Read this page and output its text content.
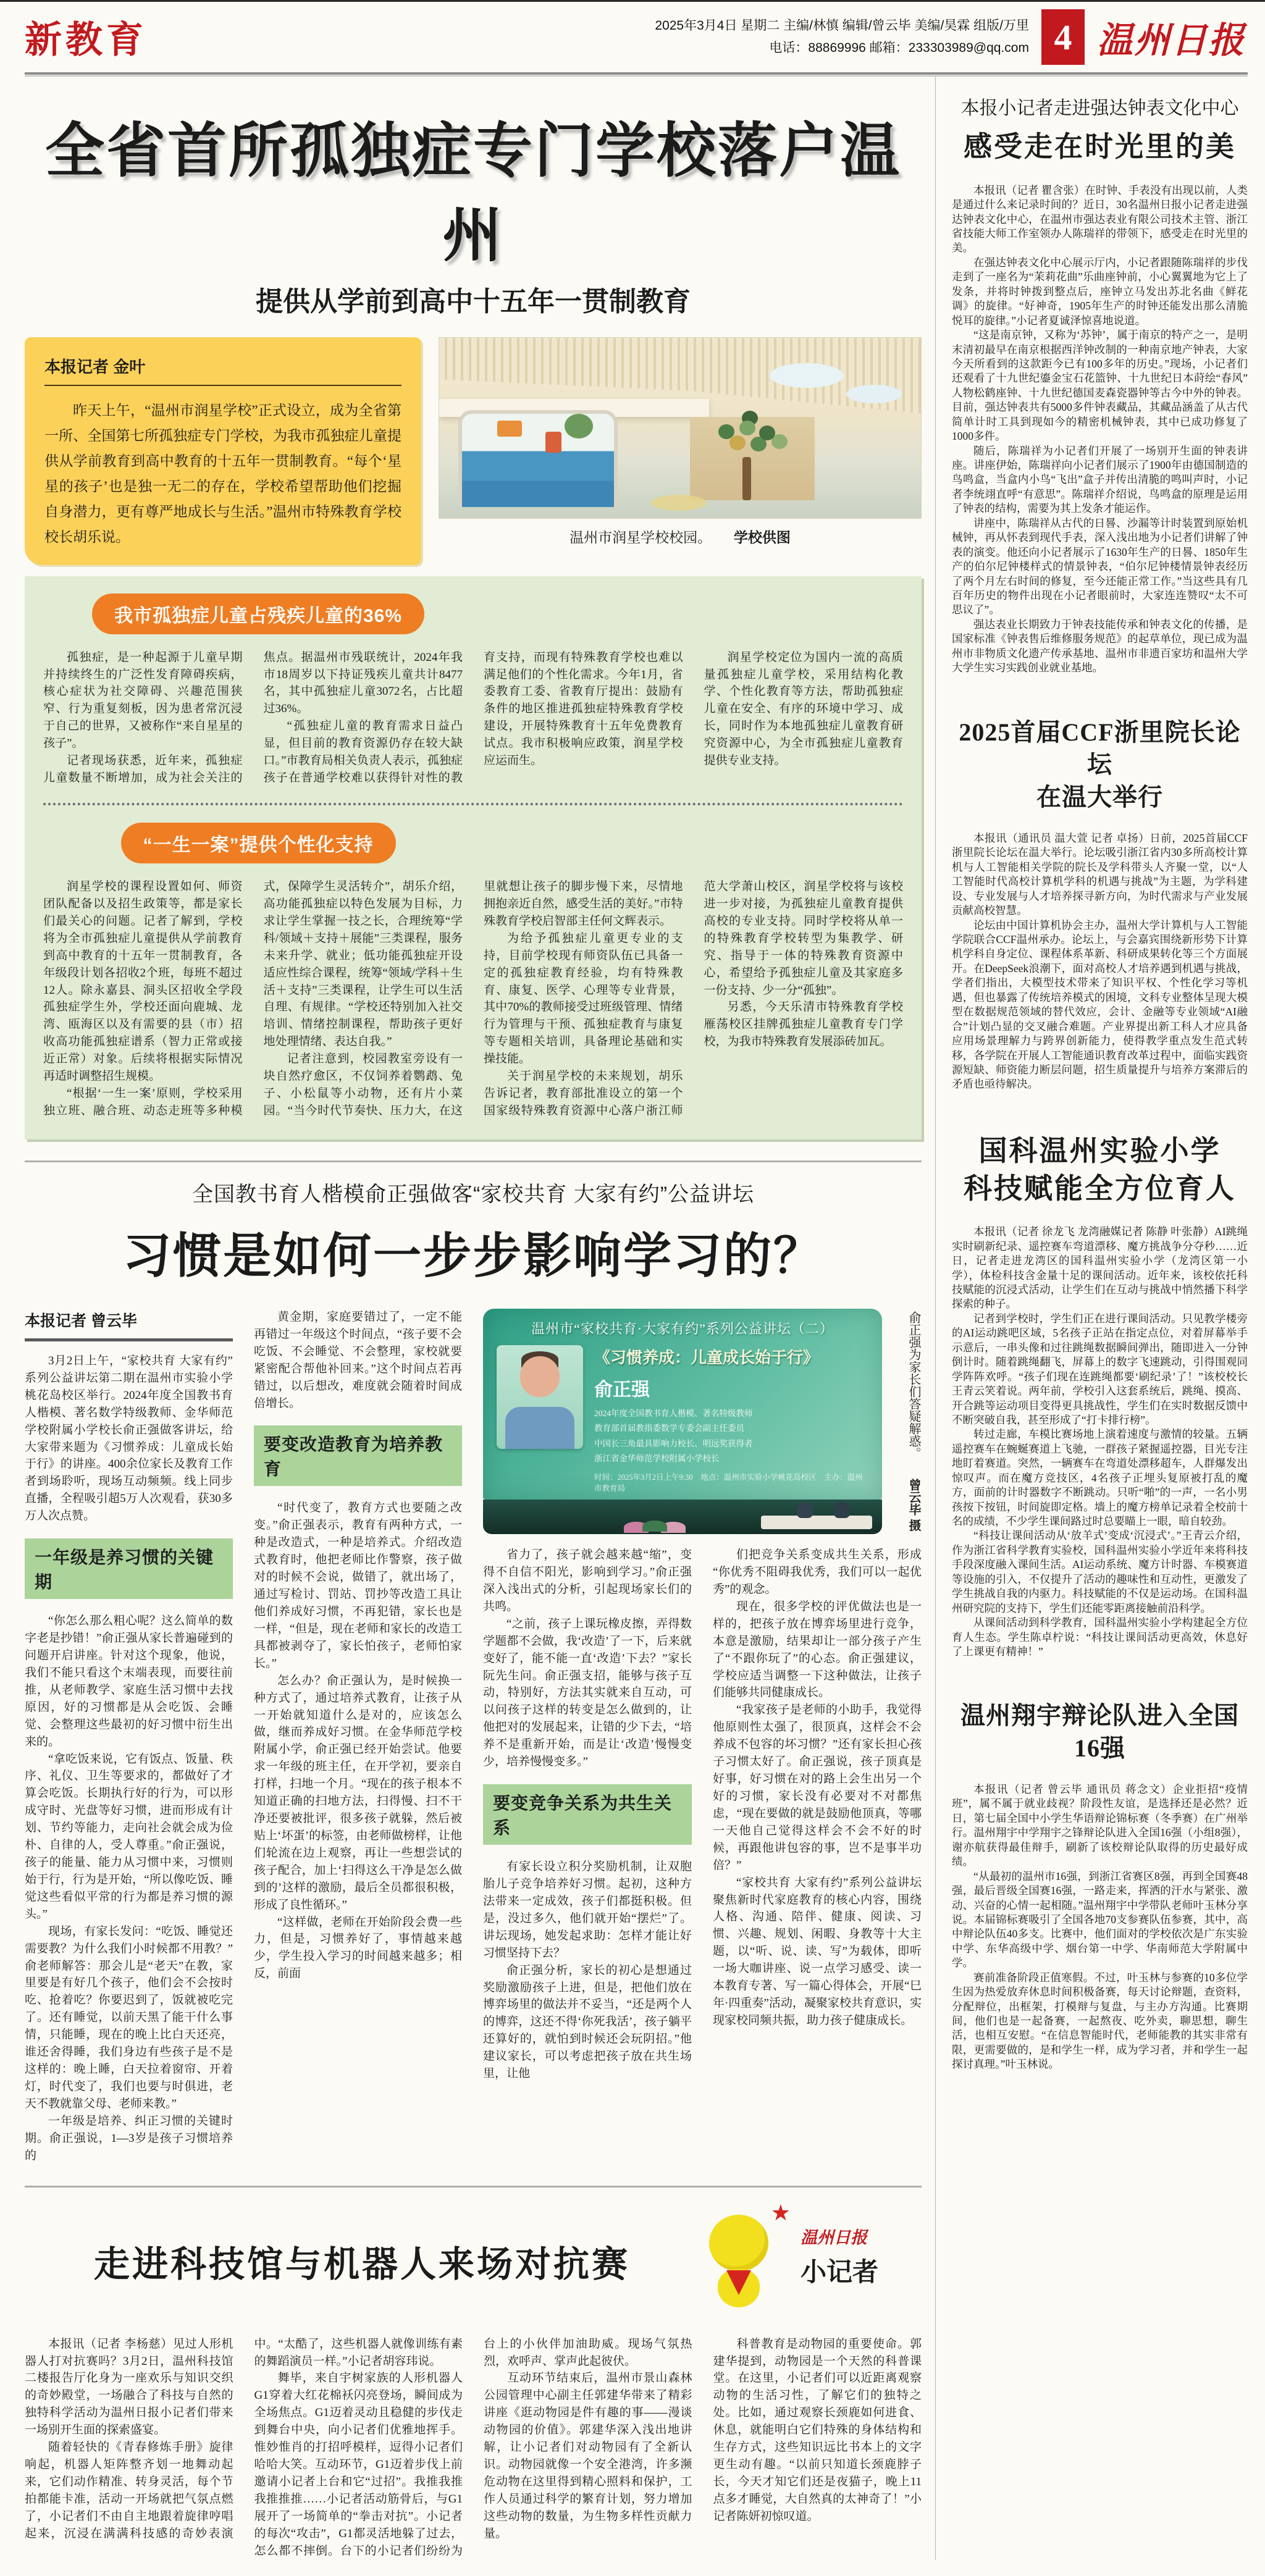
新教育	2025年3月4日 星期二 主编/林慎 编辑/曾云毕 美编/昊霖 组版/万里
电话：88869996 邮箱：233303989@qq.com 4 温州日报
全省首所孤独症专门学校落户温州
提供从学前到高中十五年一贯制教育
本报记者 金叶

昨天上午，“温州市润星学校”正式设立，成为全省第一所、全国第七所孤独症专门学校，为我市孤独症儿童提供从学前教育到高中教育的十五年一贯制教育。“每个‘星星的孩子’也是独一无二的存在，学校希望帮助他们挖掘自身潜力，更有尊严地成长与生活。”温州市特殊教育学校校长胡乐说。	温州市润星学校校园。 学校供图
我市孤独症儿童占残疾儿童的36%

孤独症，是一种起源于儿童早期并持续终生的广泛性发育障碍疾病，核心症状为社交障碍、兴趣范围狭窄、行为重复刻板，因为患者常沉浸于自己的世界，又被称作“来自星星的孩子”。

记者现场获悉，近年来，孤独症儿童数量不断增加，成为社会关注的焦点。据温州市残联统计，2024年我市18周岁以下持证残疾儿童共计8477名，其中孤独症儿童3072名，占比超过36%。

“孤独症儿童的教育需求日益凸显，但目前的教育资源仍存在较大缺口。”市教育局相关负责人表示，孤独症孩子在普通学校难以获得针对性的教育支持，而现有特殊教育学校也难以满足他们的个性化需求。今年1月，省委教育工委、省教育厅提出：鼓励有条件的地区推进孤独症特殊教育学校建设，开展特殊教育十五年免费教育试点。我市积极响应政策，润星学校应运而生。

润星学校定位为国内一流的高质量孤独症儿童学校，采用结构化教学、个性化教育等方法，帮助孤独症儿童在安全、有序的环境中学习、成长，同时作为本地孤独症儿童教育研究资源中心，为全市孤独症儿童教育提供专业支持。

“一生一案”提供个性化支持

润星学校的课程设置如何、师资团队配备以及招生政策等，都是家长们最关心的问题。记者了解到，学校将为全市孤独症儿童提供从学前教育到高中教育的十五年一贯制教育，各年级段计划各招收2个班，每班不超过12人。除永嘉县、洞头区招收全学段孤独症学生外，学校还面向鹿城、龙湾、瓯海区以及有需要的县（市）招收高功能孤独症谱系（智力正常或接近正常）对象。后续将根据实际情况再适时调整招生规模。

“根据‘一生一案’原则，学校采用独立班、融合班、动态走班等多种模式，保障学生灵活转介”，胡乐介绍，高功能孤独症以特色发展为目标，力求让学生掌握一技之长，合理统筹“学科/领域＋支持＋展能”三类课程，服务未来升学、就业；低功能孤独症开设适应性综合课程，统筹“领域/学科＋生活＋支持”三类课程，让学生可以生活自理、有规律。“学校还特别加入社交培训、情绪控制课程，帮助孩子更好地处理情绪、表达自我。”

记者注意到，校园教室旁设有一块自然疗愈区，不仅饲养着鹦鹉、兔子、小松鼠等小动物，还有片小菜园。“当今时代节奏快、压力大，在这里就想让孩子的脚步慢下来，尽情地拥抱亲近自然，感受生活的美好。”市特殊教育学校启智部主任何文辉表示。

为给予孤独症儿童更专业的支持，目前学校现有师资队伍已具备一定的孤独症教育经验，均有特殊教育、康复、医学、心理等专业背景，其中70%的教师接受过班级管理、情绪行为管理与干预、孤独症教育与康复等专题相关培训，具备理论基础和实操技能。

关于润星学校的未来规划，胡乐告诉记者，教育部批准设立的第一个国家级特殊教育资源中心落户浙江师范大学萧山校区，润星学校将与该校进一步对接，为孤独症儿童教育提供高校的专业支持。同时学校将从单一的特殊教育学校转型为集教学、研究、指导于一体的特殊教育资源中心，希望给予孤独症儿童及其家庭多一份支持、少一分“孤独”。

另悉，今天乐清市特殊教育学校雁荡校区挂牌孤独症儿童教育专门学校，为我市特殊教育发展添砖加瓦。

全国教书育人楷模俞正强做客“家校共育 大家有约”公益讲坛
习惯是如何一步步影响学习的？
本报记者 曾云毕

3月2日上午，“家校共育 大家有约”系列公益讲坛第二期在温州市实验小学桃花岛校区举行。2024年度全国教书育人楷模、著名数学特级教师、金华师范学校附属小学校长俞正强做客讲坛，给大家带来题为《习惯养成：儿童成长始于行》的讲座。400余位家长及教育工作者到场聆听，现场互动频频。线上同步直播，全程吸引超5万人次观看，获30多万人次点赞。

一年级是养习惯的关键期

“你怎么那么粗心呢？这么简单的数字老是抄错！”俞正强从家长普遍碰到的问题开启讲座。针对这个现象，他说，我们不能只看这个末端表现，而要往前推，从老师教学、家庭生活习惯中去找原因，好的习惯都是从会吃饭、会睡觉、会整理这些最初的好习惯中衍生出来的。

“拿吃饭来说，它有饭点、饭量、秩序、礼仪、卫生等要求的，都做好了才算会吃饭。长期执行好的行为，可以形成守时、光盘等好习惯，进而形成有计划、节约等能力，走向社会就会成为俭朴、自律的人，受人尊重。”俞正强说，孩子的能量、能力从习惯中来，习惯则始于行，行为是开始，“所以像吃饭、睡觉这些看似平常的行为都是养习惯的源头。”

现场，有家长发问：“吃饭、睡觉还需要教？为什么我们小时候都不用教？”俞老师解答：那会儿是“老天”在教，家里要是有好几个孩子，他们会不会按时吃、抢着吃？你要迟到了，饭就被吃完了。还有睡觉，以前天黑了能干什么事情，只能睡，现在的晚上比白天还亮，谁还舍得睡，我们身边有些孩子是不是这样的：晚上睡，白天拉着窗帘、开着灯，时代变了，我们也要与时俱进，老天不教就靠父母、老师来教。”

一年级是培养、纠正习惯的关键时期。俞正强说，1—3岁是孩子习惯培养的

黄金期，家庭要错过了，一定不能再错过一年级这个时间点，“孩子要不会吃饭、不会睡觉、不会整理，家校就要紧密配合帮他补回来。”这个时间点若再错过，以后想改，难度就会随着时间成倍增长。

要变改造教育为培养教育

“时代变了，教育方式也要随之改变。”俞正强表示，教育有两种方式，一种是改造式，一种是培养式。介绍改造式教育时，他把老师比作警察，孩子做对的时候不会说，做错了，就出场了，通过写检讨、罚站、罚抄等改造工具让他们养成好习惯，不再犯错，家长也是一样，“但是，现在老师和家长的改造工具都被剥夺了，家长怕孩子，老师怕家长。”

怎么办？俞正强认为，是时候换一种方式了，通过培养式教育，让孩子从一开始就知道什么是对的，应该怎么做，继而养成好习惯。在金华师范学校附属小学，俞正强已经开始尝试。他要求一年级的班主任，在开学初，要亲自打样，扫地一个月。“现在的孩子根本不知道正确的扫地方法，扫得慢、扫不干净还要被批评，很多孩子就躲，然后被贴上‘坏蛋’的标签，由老师做榜样，让他们轮流在边上观察，再让一些想尝试的孩子配合，加上‘扫得这么干净是怎么做到的’这样的激励，最后全员都很积极，形成了良性循环。”

“这样做，老师在开始阶段会费一些力，但是，习惯养好了，事情越来越少，学生投入学习的时间越来越多；相反，前面

温州市“家校共育·大家有约”系列公益讲坛（二）
《习惯养成：儿童成长始于行》
俞正强
2024年度全国教书育人楷模、著名特级教师
教育部首届教指委数学专委会副主任委员
中国长三角最具影响力校长、明远奖获得者
浙江省金华师范学校附属小学校长
时间：2025年3月2日上午9:30　地点：温州市实验小学桃花岛校区　主办：温州市教育局
俞正强为家长们答疑解惑。 曾云毕 摄

省力了，孩子就会越来越“缩”，变得不自信不阳光，影响到学习。”俞正强深入浅出式的分析，引起现场家长们的共鸣。

“之前，孩子上课玩橡皮擦，弄得数学题都不会做，我‘改造’了一下，后来就变好了，能不能一直‘改造’下去？”家长阮先生问。俞正强支招，能够与孩子互动，特别好，方法其实就来自互动，可以问孩子这样的转变是怎么做到的，让他把对的发展起来，让错的少下去，“培养不是重新开始，而是让‘改造’慢慢变少，培养慢慢变多。”

要变竞争关系为共生关系

有家长设立积分奖励机制，让双胞胎儿子竞争培养好习惯。起初，这种方法带来一定成效，孩子们都挺积极。但是，没过多久，他们就开始“摆烂”了。讲坛现场，她发起求助：怎样才能让好习惯坚持下去？

俞正强分析，家长的初心是想通过奖励激励孩子上进，但是，把他们放在博弈场里的做法并不妥当，“还是两个人的博弈，这还不得‘你死我活’，孩子躺平还算好的，就怕到时候还会玩阴招。”他建议家长，可以考虑把孩子放在共生场里，让他

们把竞争关系变成共生关系，形成“你优秀不阻碍我优秀，我们可以一起优秀”的观念。

现在，很多学校的评优做法也是一样的，把孩子放在博弈场里进行竞争，本意是激励，结果却让一部分孩子产生了“不跟你玩了”的心态。俞正强建议，学校应适当调整一下这种做法，让孩子们能够共同健康成长。

“我家孩子是老师的小助手，我觉得他原则性太强了，很顶真，这样会不会养成不包容的坏习惯？”还有家长担心孩子习惯太好了。俞正强说，孩子顶真是好事，好习惯在对的路上会生出另一个好的习惯，家长没有必要对不对都焦虑，“现在要做的就是鼓励他顶真，等哪一天他自己觉得这样会不会不好的时候，再跟他讲包容的事，岂不是事半功倍？”

“家校共育 大家有约”系列公益讲坛聚焦新时代家庭教育的核心内容，围绕人格、沟通、陪伴、健康、阅读、习惯、兴趣、规划、闲暇、身教等十大主题，以“听、说、读、写”为载体，即听一场大咖讲座、说一点学习感受、读一本教育专著、写一篇心得体会，开展“巳年·四重奏”活动，凝聚家校共育意识，实现家校同频共振，助力孩子健康成长。

走进科技馆与机器人来场对抗赛
★
温州日报
小记者

本报讯（记者 李杨慈）见过人形机器人打对抗赛吗？3月2日，温州科技馆二楼报告厅化身为一座欢乐与知识交织的奇妙殿堂，一场融合了科技与自然的独特科学活动为温州日报小记者们带来一场别开生面的探索盛宴。

随着轻快的《青春修炼手册》旋律响起，机器人矩阵整齐划一地舞动起来，它们动作精准、转身灵活，每个节拍都能卡准，活动一开场就把气氛点燃了，小记者们不由自主地跟着旋律哼唱起来，沉浸在满满科技感的奇妙表演中。“太酷了，这些机器人就像训练有素的舞蹈演员一样。”小记者胡容玮说。

舞毕，来自宇树家族的人形机器人G1穿着大红花棉袄闪亮登场，瞬间成为全场焦点。G1迈着灵动且稳健的步伐走到舞台中央，向小记者们优雅地挥手。惟妙惟肖的打招呼模样，逗得小记者们哈哈大笑。互动环节，G1迈着步伐上前邀请小记者上台和它“过招”。我推我推我推推推……小记者活动筋骨后，与G1展开了一场简单的“拳击对抗”。小记者的每次“攻击”，G1都灵活地躲了过去，怎么都不摔倒。台下的小记者们纷纷为台上的小伙伴加油助威。现场气氛热烈，欢呼声、掌声此起彼伏。

互动环节结束后，温州市景山森林公园管理中心副主任郭建华带来了精彩讲座《逛动物园是件有趣的事——漫谈动物园的价值》。郭建华深入浅出地讲解，让小记者们对动物园有了全新认识。动物园就像一个安全港湾，许多濒危动物在这里得到精心照料和保护，工作人员通过科学的繁育计划，努力增加这些动物的数量，为生物多样性贡献力量。

科普教育是动物园的重要使命。郭建华提到，动物园是一个天然的科普课堂。在这里，小记者们可以近距离观察动物的生活习性，了解它们的独特之处。比如，通过观察长颈鹿如何进食、休息，就能明白它们特殊的身体结构和生存方式，这些知识远比书本上的文字更生动有趣。“以前只知道长颈鹿脖子长，今天才知它们还是夜猫子，晚上11点多才睡觉，大自然真的太神奇了！”小记者陈妍初惊叹道。

本报小记者走进强达钟表文化中心
感受走在时光里的美

本报讯（记者 瞿含张）在时钟、手表没有出现以前，人类是通过什么来记录时间的？近日，30名温州日报小记者走进强达钟表文化中心，在温州市强达表业有限公司技术主管、浙江省技能大师工作室领办人陈瑞祥的带领下，感受走在时光里的美。

在强达钟表文化中心展示厅内，小记者跟随陈瑞祥的步伐走到了一座名为“茉莉花曲”乐曲座钟前，小心翼翼地为它上了发条，并将时钟拨到整点后，座钟立马发出苏北名曲《鲜花调》的旋律。“好神奇，1905年生产的时钟还能发出那么清脆悦耳的旋律。”小记者夏诚泽惊喜地说道。

“这是南京钟，又称为‘苏钟’，属于南京的特产之一，是明末清初最早在南京根据西洋钟改制的一种南京地产钟表，大家今天所看到的这款距今已有100多年的历史。”现场，小记者们还观看了十九世纪鎏金宝石花篮钟、十九世纪日本莳绘“春风”人物松鹤座钟、十九世纪德国麦森瓷器钟等古今中外的钟表。目前，强达钟表共有5000多件钟表藏品，其藏品涵盖了从古代简单计时工具到现如今的精密机械钟表，其中已成功修复了1000多件。

随后，陈瑞祥为小记者们开展了一场别开生面的钟表讲座。讲座伊始，陈瑞祥向小记者们展示了1900年由德国制造的鸟鸣盒，当盒内小鸟“飞出”盒子并传出清脆的鸣叫声时，小记者李统翊直呼“有意思”。陈瑞祥介绍说，鸟鸣盒的原理是运用了钟表的结构，需要为其上发条才能运作。

讲座中，陈瑞祥从古代的日晷、沙漏等计时装置到原始机械钟，再从怀表到现代手表，深入浅出地为小记者们讲解了钟表的演变。他还向小记者展示了1630年生产的日晷、1850年生产的伯尔尼钟楼样式的情景钟表，“伯尔尼钟楼情景钟表经历了两个月左右时间的修复，至今还能正常工作。”当这些具有几百年历史的物件出现在小记者眼前时，大家连连赞叹“太不可思议了”。

强达表业长期致力于钟表技能传承和钟表文化的传播，是国家标准《钟表售后维修服务规范》的起草单位，现已成为温州市非物质文化遗产传承基地、温州市非遗百家坊和温州大学大学生实习实践创业就业基地。

2025首届CCF浙里院长论坛
在温大举行

本报讯（通讯员 温大萱 记者 卓扬）日前，2025首届CCF浙里院长论坛在温大举行。论坛吸引浙江省内30多所高校计算机与人工智能相关学院的院长及学科带头人齐聚一堂，以“人工智能时代高校计算机学科的机遇与挑战”为主题，为学科建设、专业发展与人才培养探寻新方向，为时代需求与产业发展贡献高校智慧。

论坛由中国计算机协会主办，温州大学计算机与人工智能学院联合CCF温州承办。论坛上，与会嘉宾围绕新形势下计算机学科自身定位、课程体系革新、科研成果转化等三个方面展开。在DeepSeek浪潮下，面对高校人才培养遇到机遇与挑战，学者们指出，大模型技术带来了知识平权、个性化学习等机遇，但也暴露了传统培养模式的困境，文科专业整体呈现大模型在数据规范领域的替代效应，会计、金融等专业领域“AI融合”计划凸显的交叉融合难题。产业界提出新工科人才应具备应用场景理解力与跨界创新能力，使得教学重点发生范式转移，各学院在开展人工智能通识教育改革过程中，面临实践资源短缺、师资能力断层问题，招生质量提升与培养方案滞后的矛盾也亟待解决。

国科温州实验小学
科技赋能全方位育人

本报讯（记者 徐龙飞 龙湾融媒记者 陈静 叶张静）AI跳绳实时刷新纪录、遥控赛车弯道漂移、魔方挑战争分夺秒……近日，记者走进龙湾区的国科温州实验小学（龙湾区第一小学），体检科技含金量十足的课间活动。近年来，该校依托科技赋能的沉浸式活动，让学生们在互动与挑战中悄然播下科学探索的种子。

记者到学校时，学生们正在进行课间活动。只见教学楼旁的AI运动跳吧区域，5名孩子正站在指定点位，对着屏幕举手示意后，一串头像和过往跳绳数据瞬间弹出，随即进入一分钟倒计时。随着跳绳翻飞，屏幕上的数字飞速跳动，引得围观同学阵阵欢呼。“孩子们现在连跳绳都要‘刷纪录’了！”该校校长王青云笑着说。两年前，学校引入这套系统后，跳绳、摸高、开合跳等运动项目变得更具挑战性，学生们在实时数据反馈中不断突破自我，甚至形成了“打卡排行榜”。

转过走廊，车模比赛场地上演着速度与激情的较量。五辆遥控赛车在蜿蜒赛道上飞驰，一群孩子紧握遥控器，目光专注地盯着赛道。突然，一辆赛车在弯道处漂移超车，人群爆发出惊叹声。而在魔方竞技区，4名孩子正埋头复原被打乱的魔方，面前的计时器数字不断跳动。只听“啪”的一声，一名小男孩按下按钮，时间旋即定格。墙上的魔方榜单记录着全校前十名的成绩，不少学生课间路过时总要瞄上一眼，暗自较劲。

“科技让课间活动从‘放羊式’变成‘沉浸式’。”王青云介绍，作为浙江省科学教育实验校，国科温州实验小学近年来将科技手段深度融入课间生活。AI运动系统、魔方计时器、车模赛道等设施的引入，不仅提升了活动的趣味性和互动性，更激发了学生挑战自我的内驱力。科技赋能的不仅是运动场。在国科温州研究院的支持下，学生们还能零距离接触前沿科学。

从课间活动到科学教育，国科温州实验小学构建起全方位育人生态。学生陈卓柠说：“科技让课间活动更高效，休息好了上课更有精神！”

温州翔宇辩论队进入全国16强

本报讯（记者 曾云毕 通讯员 蒋念文）企业拒招“疫情班”，属不属于就业歧视？阶段性友谊，是选择还是必然？近日，第七届全国中小学生华语辩论锦标赛（冬季赛）在广州举行。温州翔宇中学翔宇之锋辩论队进入全国16强（小组8强），谢亦航获得最佳辩手，刷新了该校辩论队取得的历史最好成绩。

“从最初的温州市16强，到浙江省赛区8强，再到全国赛48强，最后晋级全国赛16强，一路走来，挥洒的汗水与紧张、激动、兴奋的心情一起相随。”温州翔宇中学带队老师叶玉林分享说。本届锦标赛吸引了全国各地70支参赛队伍参赛，其中，高中辩论队伍40多支。比赛中，他们面对的学校依次是广东实验中学、东华高级中学、烟台第一中学、华南师范大学附属中学。

赛前准备阶段正值寒假。不过，叶玉林与参赛的10多位学生因为热爱放弃休息时间积极备赛，每天讨论辩题，查资料，分配辩位，出框架，打模辩与复盘，与主办方沟通。比赛期间，他们也是一起备赛，一起熬夜、吃外卖，聊思想，聊生活，也相互安慰。“在信息智能时代，老师能教的其实非常有限，更需要做的，是和学生一样，成为学习者，并和学生一起探讨真理。”叶玉林说。
